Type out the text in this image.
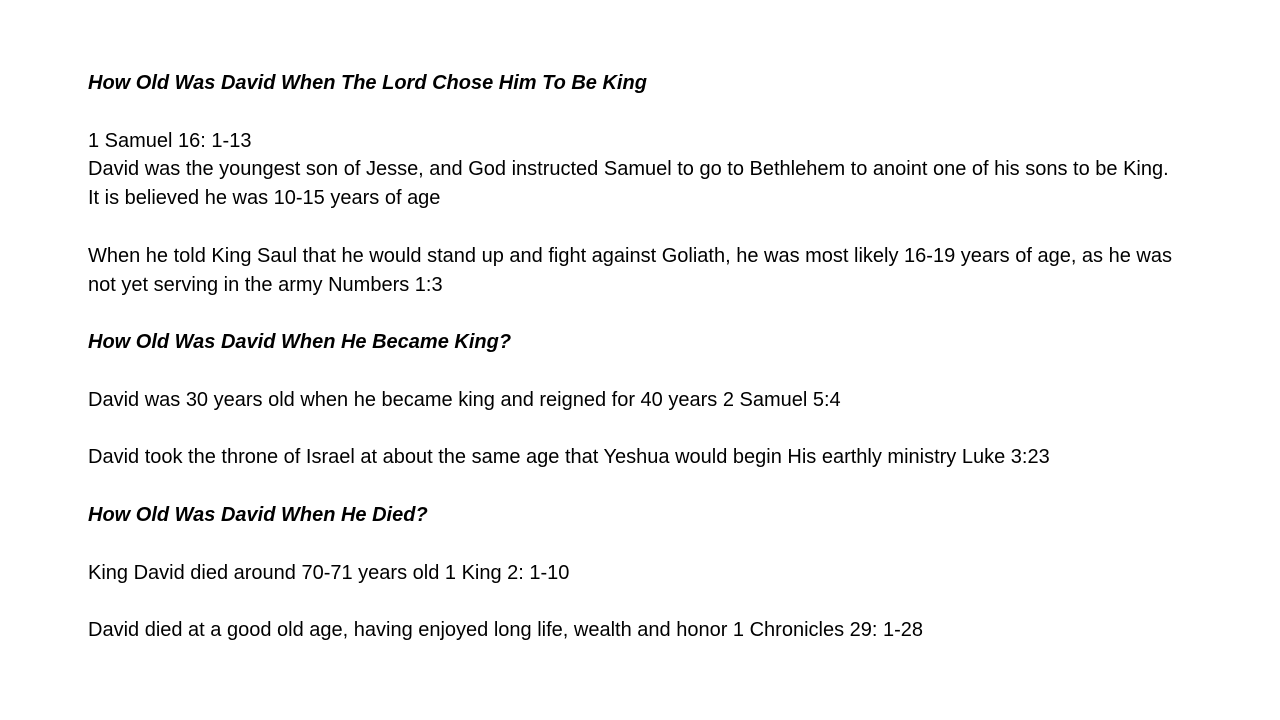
How Old Was David When The Lord Chose Him To Be King

1 Samuel 16: 1-13

David was the youngest son of Jesse, and God instructed Samuel to go to Bethlehem to anoint one of his sons to be King.

It is believed he was 10-15 years of age

When he told King Saul that he would stand up and fight against Goliath, he was most likely 16-19 years of age, as he was not yet serving in the army Numbers 1:3

How Old Was David When He Became King?

David was 30 years old when he became king and reigned for 40 years 2 Samuel 5:4

David took the throne of Israel at about the same age that Yeshua would begin His earthly ministry Luke 3:23

How Old Was David When He Died?

King David died around 70-71 years old 1 King 2: 1-10

David died at a good old age, having enjoyed long life, wealth and honor 1 Chronicles 29: 1-28
